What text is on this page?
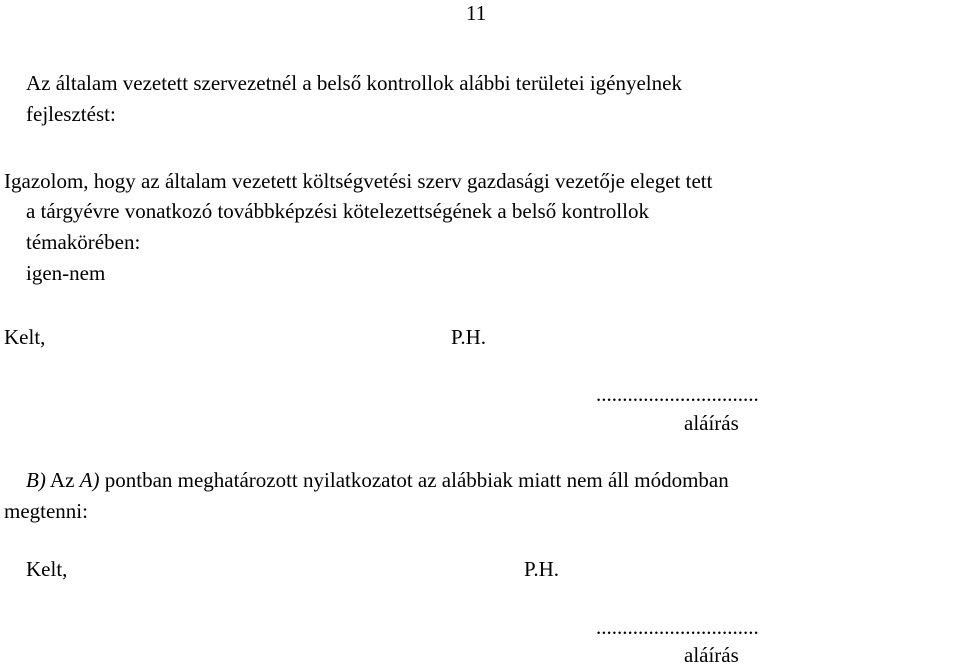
11
Az általam vezetett szervezetnél a belső kontrollok alábbi területei igényelnek
fejlesztést:
Igazolom, hogy az általam vezetett költségvetési szerv gazdasági vezetője eleget tett
a tárgyévre vonatkozó továbbképzési kötelezettségének a belső kontrollok
témakörében:
igen-nem
Kelt,	P.H.
...............................
aláírás
B) Az A) pontban meghatározott nyilatkozatot az alábbiak miatt nem áll módomban
megtenni:
Kelt,	P.H.
...............................
aláírás
